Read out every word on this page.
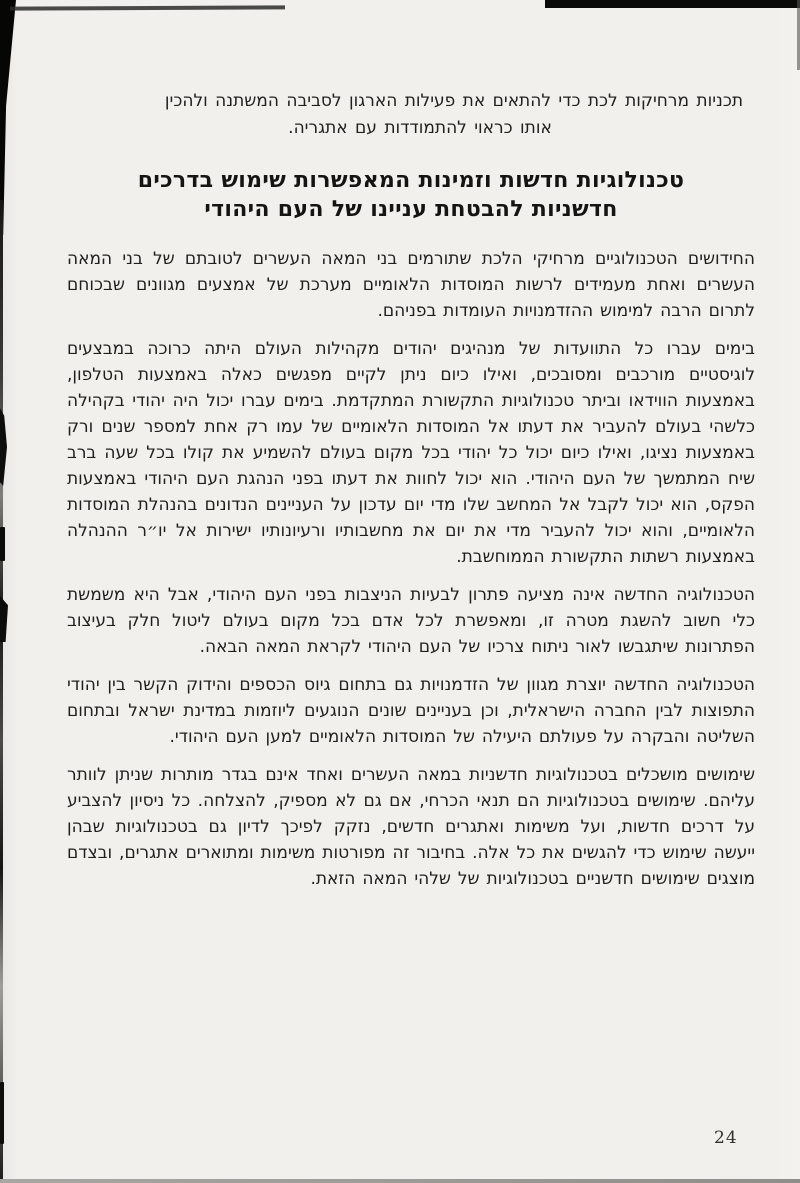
תכניות מרחיקות לכת כדי להתאים את פעילות הארגון לסביבה המשתנה ולהכין
אותו כראוי להתמודדות עם אתגריה.

טכנולוגיות חדשות וזמינות המאפשרות שימוש בדרכים
חדשניות להבטחת עניינו של העם היהודי

החידושים הטכנולוגיים מרחיקי הלכת שתורמים בני המאה העשרים לטובתם של בני המאה העשרים ואחת מעמידים לרשות המוסדות הלאומיים מערכת של אמצעים מגוונים שבכוחם לתרום הרבה למימוש ההזדמנויות העומדות בפניהם.

בימים עברו כל התוועדות של מנהיגים יהודים מקהילות העולם היתה כרוכה במבצעים לוגיסטיים מורכבים ומסובכים, ואילו כיום ניתן לקיים מפגשים כאלה באמצעות הטלפון, באמצעות הווידאו וביתר טכנולוגיות התקשורת המתקדמת. בימים עברו יכול היה יהודי בקהילה כלשהי בעולם להעביר את דעתו אל המוסדות הלאומיים של עמו רק אחת למספר שנים ורק באמצעות נציגו, ואילו כיום יכול כל יהודי בכל מקום בעולם להשמיע את קולו בכל שעה ברב שיח המתמשך של העם היהודי. הוא יכול לחוות את דעתו בפני הנהגת העם היהודי באמצעות הפקס, הוא יכול לקבל אל המחשב שלו מדי יום עדכון על העניינים הנדונים בהנהלת המוסדות הלאומיים, והוא יכול להעביר מדי את יום את מחשבותיו ורעיונותיו ישירות אל יו״ר ההנהלה באמצעות רשתות התקשורת הממוחשבת.

הטכנולוגיה החדשה אינה מציעה פתרון לבעיות הניצבות בפני העם היהודי, אבל היא משמשת כלי חשוב להשגת מטרה זו, ומאפשרת לכל אדם בכל מקום בעולם ליטול חלק בעיצוב הפתרונות שיתגבשו לאור ניתוח צרכיו של העם היהודי לקראת המאה הבאה.

הטכנולוגיה החדשה יוצרת מגוון של הזדמנויות גם בתחום גיוס הכספים והידוק הקשר בין יהודי התפוצות לבין החברה הישראלית, וכן בעניינים שונים הנוגעים ליוזמות במדינת ישראל ובתחום השליטה והבקרה על פעולתם היעילה של המוסדות הלאומיים למען העם היהודי.

שימושים מושכלים בטכנולוגיות חדשניות במאה העשרים ואחד אינם בגדר מותרות שניתן לוותר עליהם. שימושים בטכנולוגיות הם תנאי הכרחי, אם גם לא מספיק, להצלחה. כל ניסיון להצביע על דרכים חדשות, ועל משימות ואתגרים חדשים, נזקק לפיכך לדיון גם בטכנולוגיות שבהן ייעשה שימוש כדי להגשים את כל אלה. בחיבור זה מפורטות משימות ומתוארים אתגרים, ובצדם מוצגים שימושים חדשניים בטכנולוגיות של שלהי המאה הזאת.

24
